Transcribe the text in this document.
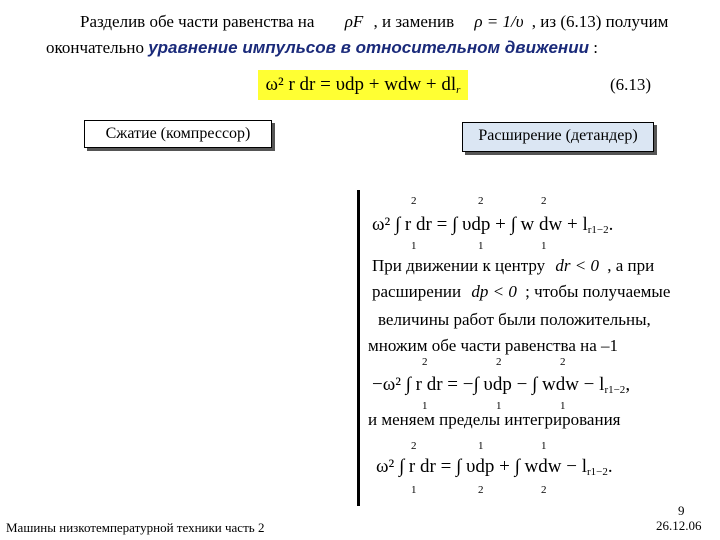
Разделив обе части равенства на ρF , и заменив ρ = 1/υ , из (6.13) получим
окончательно уравнение импульсов в относительном движении :
ω² r dr = υdp + wdw + $dl_r$	(6.13)
Сжатие (компрессор)	Расширение (детандер)
ω² ∫ r dr = ∫ υdp + ∫ w dw + $l_{r1-2}$.
2
1
2
1
2
1
При движении к центру dr < 0 , а при
расширении dp < 0 ; чтобы получаемые
величины работ были положительны,
множим обе части равенства на –1
−ω² ∫ r dr = −∫ υdp − ∫ wdw − $l_{r1-2}$,
2
1
2
1
2
1
и меняем пределы интегрирования
ω² ∫ r dr = ∫ υdp + ∫ wdw − $l_{r1-2}$.
2
1
1
2
1
2
Машины низкотемпературной техники часть 2
9
26.12.06
